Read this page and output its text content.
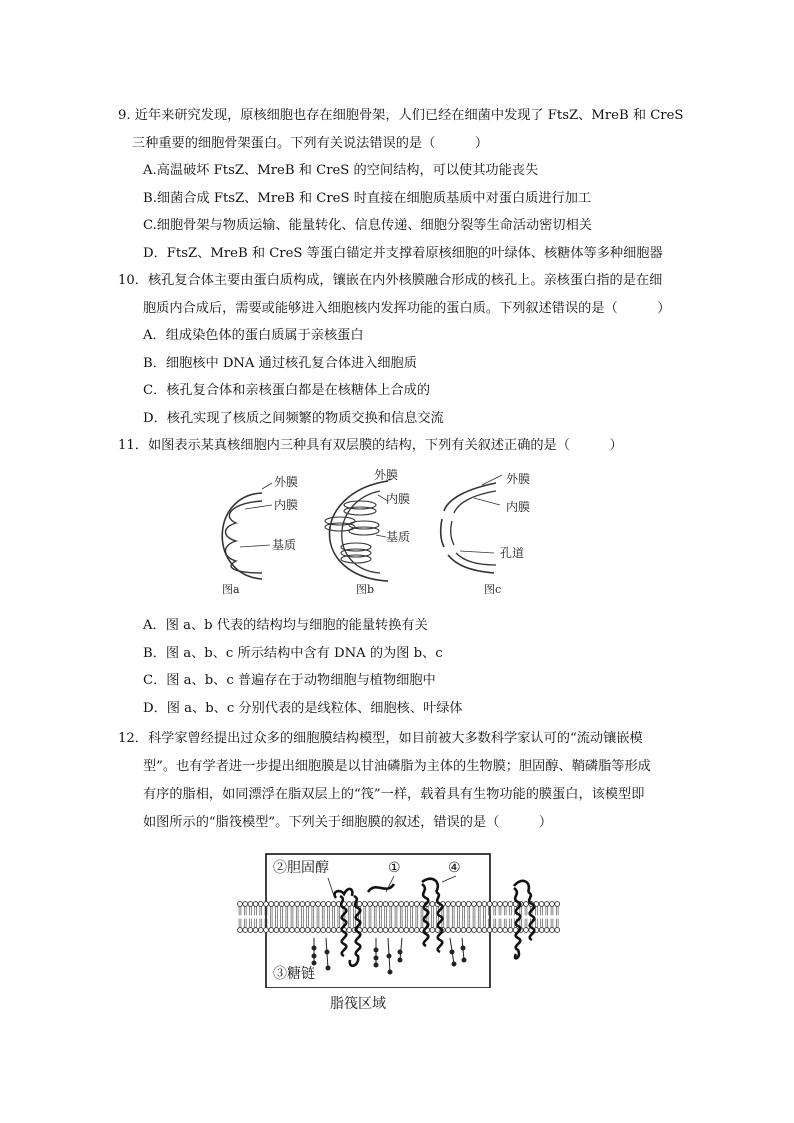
9. 近年来研究发现，原核细胞也存在细胞骨架，人们已经在细菌中发现了 FtsZ、MreB 和 CreS
三种重要的细胞骨架蛋白。下列有关说法错误的是（　　　）
A.高温破坏 FtsZ、MreB 和 CreS 的空间结构，可以使其功能丧失
B.细菌合成 FtsZ、MreB 和 CreS 时直接在细胞质基质中对蛋白质进行加工
C.细胞骨架与物质运输、能量转化、信息传递、细胞分裂等生命活动密切相关
D．FtsZ、MreB 和 CreS 等蛋白锚定并支撑着原核细胞的叶绿体、核糖体等多种细胞器
10．核孔复合体主要由蛋白质构成，镶嵌在内外核膜融合形成的核孔上。亲核蛋白指的是在细
胞质内合成后，需要或能够进入细胞核内发挥功能的蛋白质。下列叙述错误的是（　　　）
A．组成染色体的蛋白质属于亲核蛋白
B．细胞核中 DNA 通过核孔复合体进入细胞质
C．核孔复合体和亲核蛋白都是在核糖体上合成的
D．核孔实现了核质之间频繁的物质交换和信息交流
11．如图表示某真核细胞内三种具有双层膜的结构，下列有关叙述正确的是（　　　）
外膜
内膜
基质
图a
外膜
内膜
基质
图b
外膜
内膜
孔道
图c
A．图 a、b 代表的结构均与细胞的能量转换有关
B．图 a、b、c 所示结构中含有 DNA 的为图 b、c
C．图 a、b、c 普遍存在于动物细胞与植物细胞中
D．图 a、b、c 分别代表的是线粒体、细胞核、叶绿体
12．科学家曾经提出过众多的细胞膜结构模型，如目前被大多数科学家认可的“流动镶嵌模
型”。也有学者进一步提出细胞膜是以甘油磷脂为主体的生物膜；胆固醇、鞘磷脂等形成
有序的脂相，如同漂浮在脂双层上的“筏”一样，载着具有生物功能的膜蛋白，该模型即
如图所示的“脂筏模型”。下列关于细胞膜的叙述，错误的是（　　　）
②胆固醇	①	④
③糖链
脂筏区域
